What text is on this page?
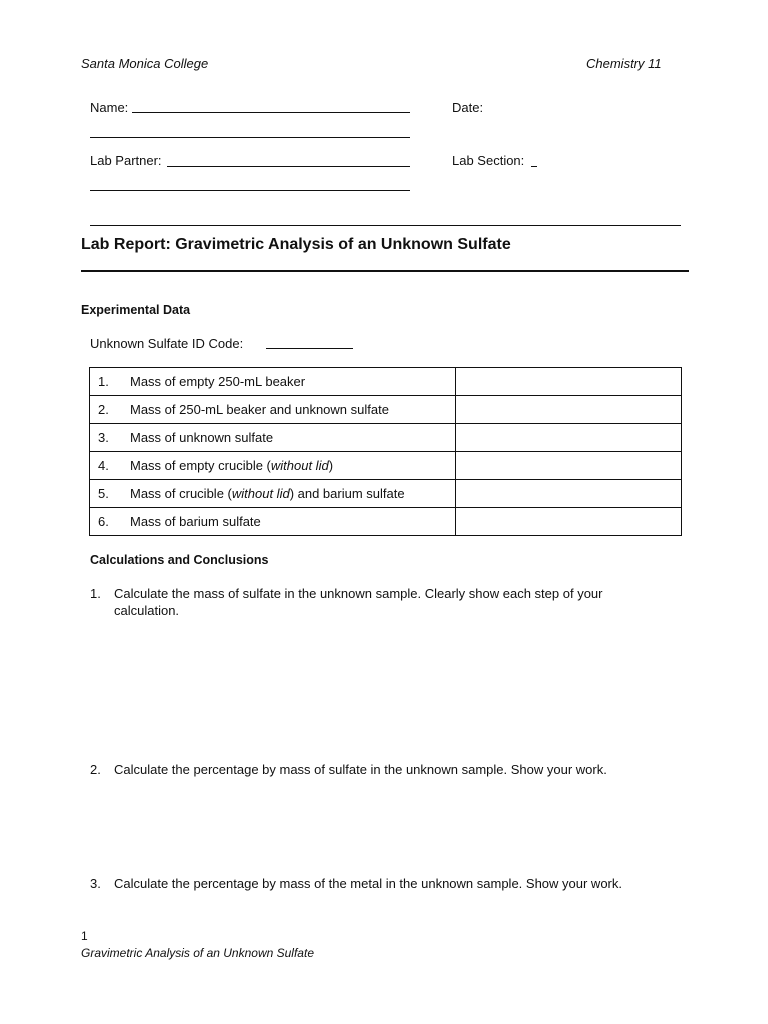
Santa Monica College	Chemistry 11
Name:	Date:
Lab Partner:	Lab Section:
Lab Report: Gravimetric Analysis of an Unknown Sulfate
Experimental Data
Unknown Sulfate ID Code:
1. Mass of empty 250-mL beaker	
2. Mass of 250-mL beaker and unknown sulfate	
3. Mass of unknown sulfate	
4. Mass of empty crucible (without lid)	
5. Mass of crucible (without lid) and barium sulfate	
6. Mass of barium sulfate	
Calculations and Conclusions
1. Calculate the mass of sulfate in the unknown sample. Clearly show each step of your calculation.
2. Calculate the percentage by mass of sulfate in the unknown sample. Show your work.
3. Calculate the percentage by mass of the metal in the unknown sample. Show your work.
1
Gravimetric Analysis of an Unknown Sulfate
